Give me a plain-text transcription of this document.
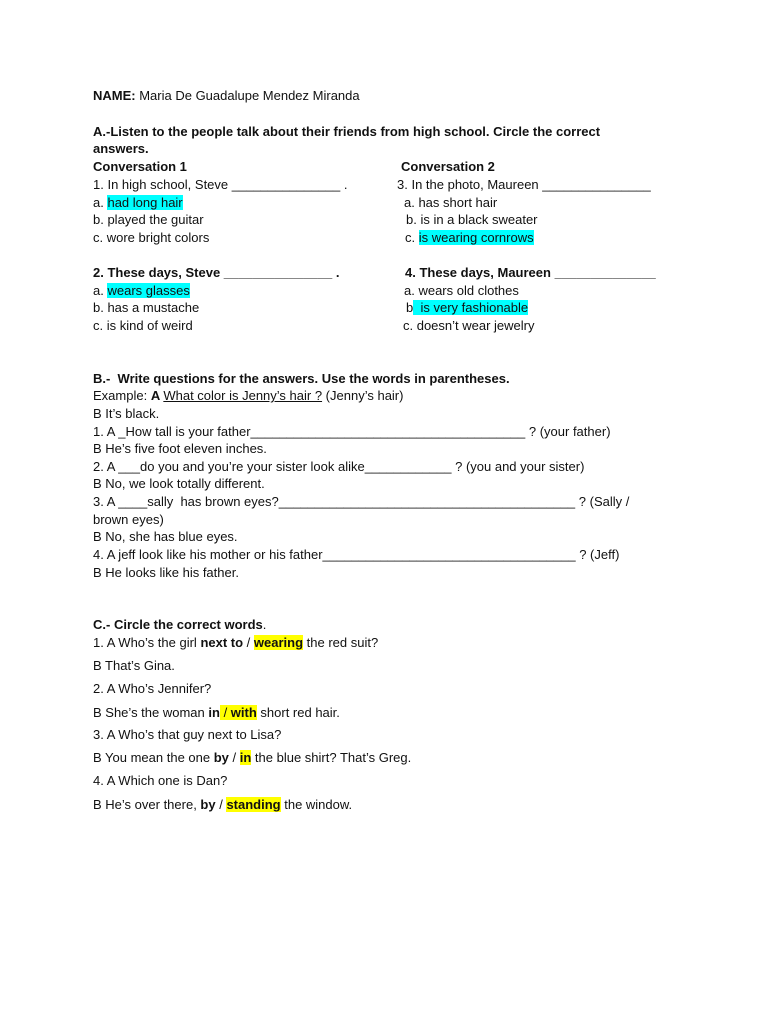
NAME: Maria De Guadalupe Mendez Miranda
A.-Listen to the people talk about their friends from high school. Circle the correct
answers.
Conversation 1	Conversation 2
1. In high school, Steve _______________ .	3. In the photo, Maureen _______________
a. had long hair	a. has short hair
b. played the guitar	b. is in a black sweater
c. wore bright colors	c. is wearing cornrows
2. These days, Steve _______________ .	4. These days, Maureen ______________
a. wears glasses	a. wears old clothes
b. has a mustache	b  is very fashionable
c. is kind of weird	c. doesn’t wear jewelry
B.-  Write questions for the answers. Use the words in parentheses.
Example: A What color is Jenny’s hair ? (Jenny’s hair)
B It’s black.
1. A _How tall is your father______________________________________ ? (your father)
B He’s five foot eleven inches.
2. A ___do you and you’re your sister look alike____________ ? (you and your sister)
B No, we look totally different.
3. A ____sally  has brown eyes?_________________________________________ ? (Sally /
brown eyes)
B No, she has blue eyes.
4. A jeff look like his mother or his father___________________________________ ? (Jeff)
B He looks like his father.
C.- Circle the correct words.
1. A Who’s the girl next to / wearing the red suit?
B That’s Gina.
2. A Who’s Jennifer?
B She’s the woman in / with short red hair.
3. A Who’s that guy next to Lisa?
B You mean the one by / in the blue shirt? That’s Greg.
4. A Which one is Dan?
B He’s over there, by / standing the window.
